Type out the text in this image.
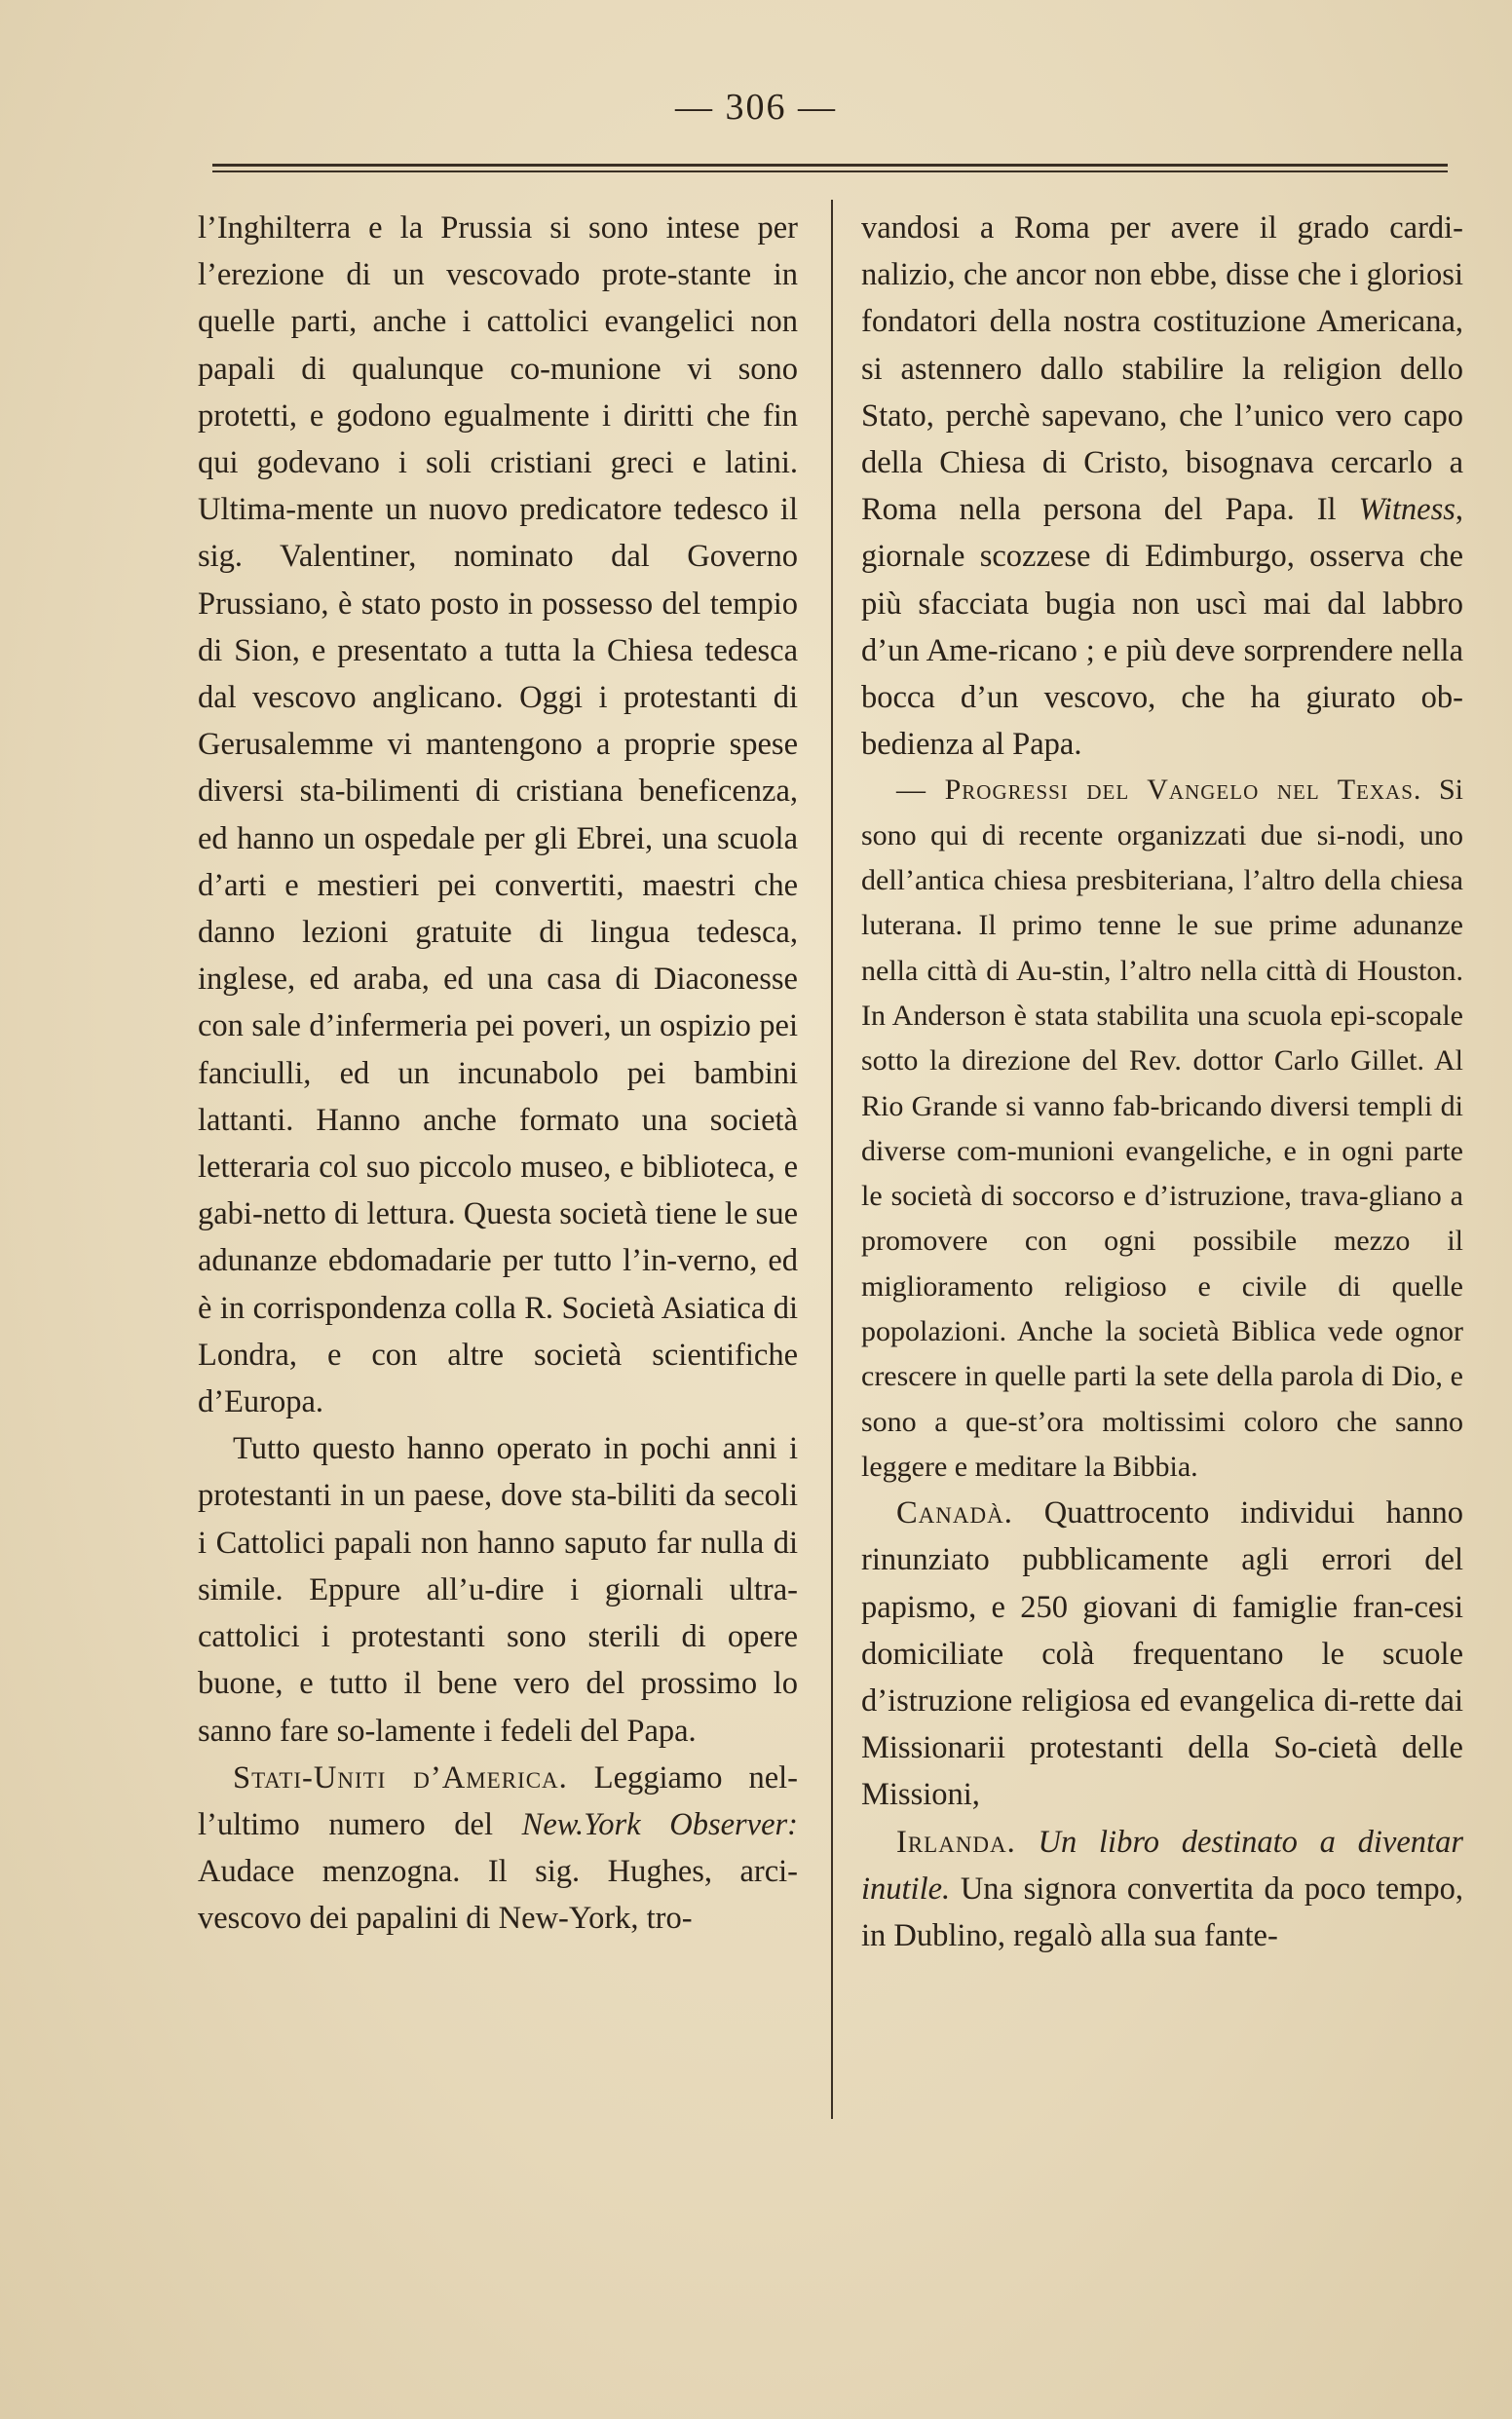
— 306 —

l’Inghilterra e la Prussia si sono intese per l’erezione di un vescovado prote-stante in quelle parti, anche i cattolici evangelici non papali di qualunque co-munione vi sono protetti, e godono egualmente i diritti che fin qui godevano i soli cristiani greci e latini. Ultima-mente un nuovo predicatore tedesco il sig. Valentiner, nominato dal Governo Prussiano, è stato posto in possesso del tempio di Sion, e presentato a tutta la Chiesa tedesca dal vescovo anglicano. Oggi i protestanti di Gerusalemme vi mantengono a proprie spese diversi sta-bilimenti di cristiana beneficenza, ed hanno un ospedale per gli Ebrei, una scuola d’arti e mestieri pei convertiti, maestri che danno lezioni gratuite di lingua tedesca, inglese, ed araba, ed una casa di Diaconesse con sale d’infermeria pei poveri, un ospizio pei fanciulli, ed un incunabolo pei bambini lattanti. Hanno anche formato una società letteraria col suo piccolo museo, e biblioteca, e gabi-netto di lettura. Questa società tiene le sue adunanze ebdomadarie per tutto l’in-verno, ed è in corrispondenza colla R. Società Asiatica di Londra, e con altre società scientifiche d’Europa.

Tutto questo hanno operato in pochi anni i protestanti in un paese, dove sta-biliti da secoli i Cattolici papali non hanno saputo far nulla di simile. Eppure all’u-dire i giornali ultra-cattolici i protestanti sono sterili di opere buone, e tutto il bene vero del prossimo lo sanno fare so-lamente i fedeli del Papa.

Stati-Uniti d’America. Leggiamo nel-l’ultimo numero del New.York Observer: Audace menzogna. Il sig. Hughes, arci-vescovo dei papalini di New-York, tro-

vandosi a Roma per avere il grado cardi-nalizio, che ancor non ebbe, disse che i gloriosi fondatori della nostra costituzione Americana, si astennero dallo stabilire la religion dello Stato, perchè sapevano, che l’unico vero capo della Chiesa di Cristo, bisognava cercarlo a Roma nella persona del Papa. Il Witness, giornale scozzese di Edimburgo, osserva che più sfacciata bugia non uscì mai dal labbro d’un Ame-ricano ; e più deve sorprendere nella bocca d’un vescovo, che ha giurato ob-bedienza al Papa.

— Progressi del Vangelo nel Texas. Si sono qui di recente organizzati due si-nodi, uno dell’antica chiesa presbiteriana, l’altro della chiesa luterana. Il primo tenne le sue prime adunanze nella città di Au-stin, l’altro nella città di Houston. In Anderson è stata stabilita una scuola epi-scopale sotto la direzione del Rev. dottor Carlo Gillet. Al Rio Grande si vanno fab-bricando diversi templi di diverse com-munioni evangeliche, e in ogni parte le società di soccorso e d’istruzione, trava-gliano a promovere con ogni possibile mezzo il miglioramento religioso e civile di quelle popolazioni. Anche la società Biblica vede ognor crescere in quelle parti la sete della parola di Dio, e sono a que-st’ora moltissimi coloro che sanno leggere e meditare la Bibbia.

Canadà. Quattrocento individui hanno rinunziato pubblicamente agli errori del papismo, e 250 giovani di famiglie fran-cesi domiciliate colà frequentano le scuole d’istruzione religiosa ed evangelica di-rette dai Missionarii protestanti della So-cietà delle Missioni,

Irlanda. Un libro destinato a diventar inutile. Una signora convertita da poco tempo, in Dublino, regalò alla sua fante-
